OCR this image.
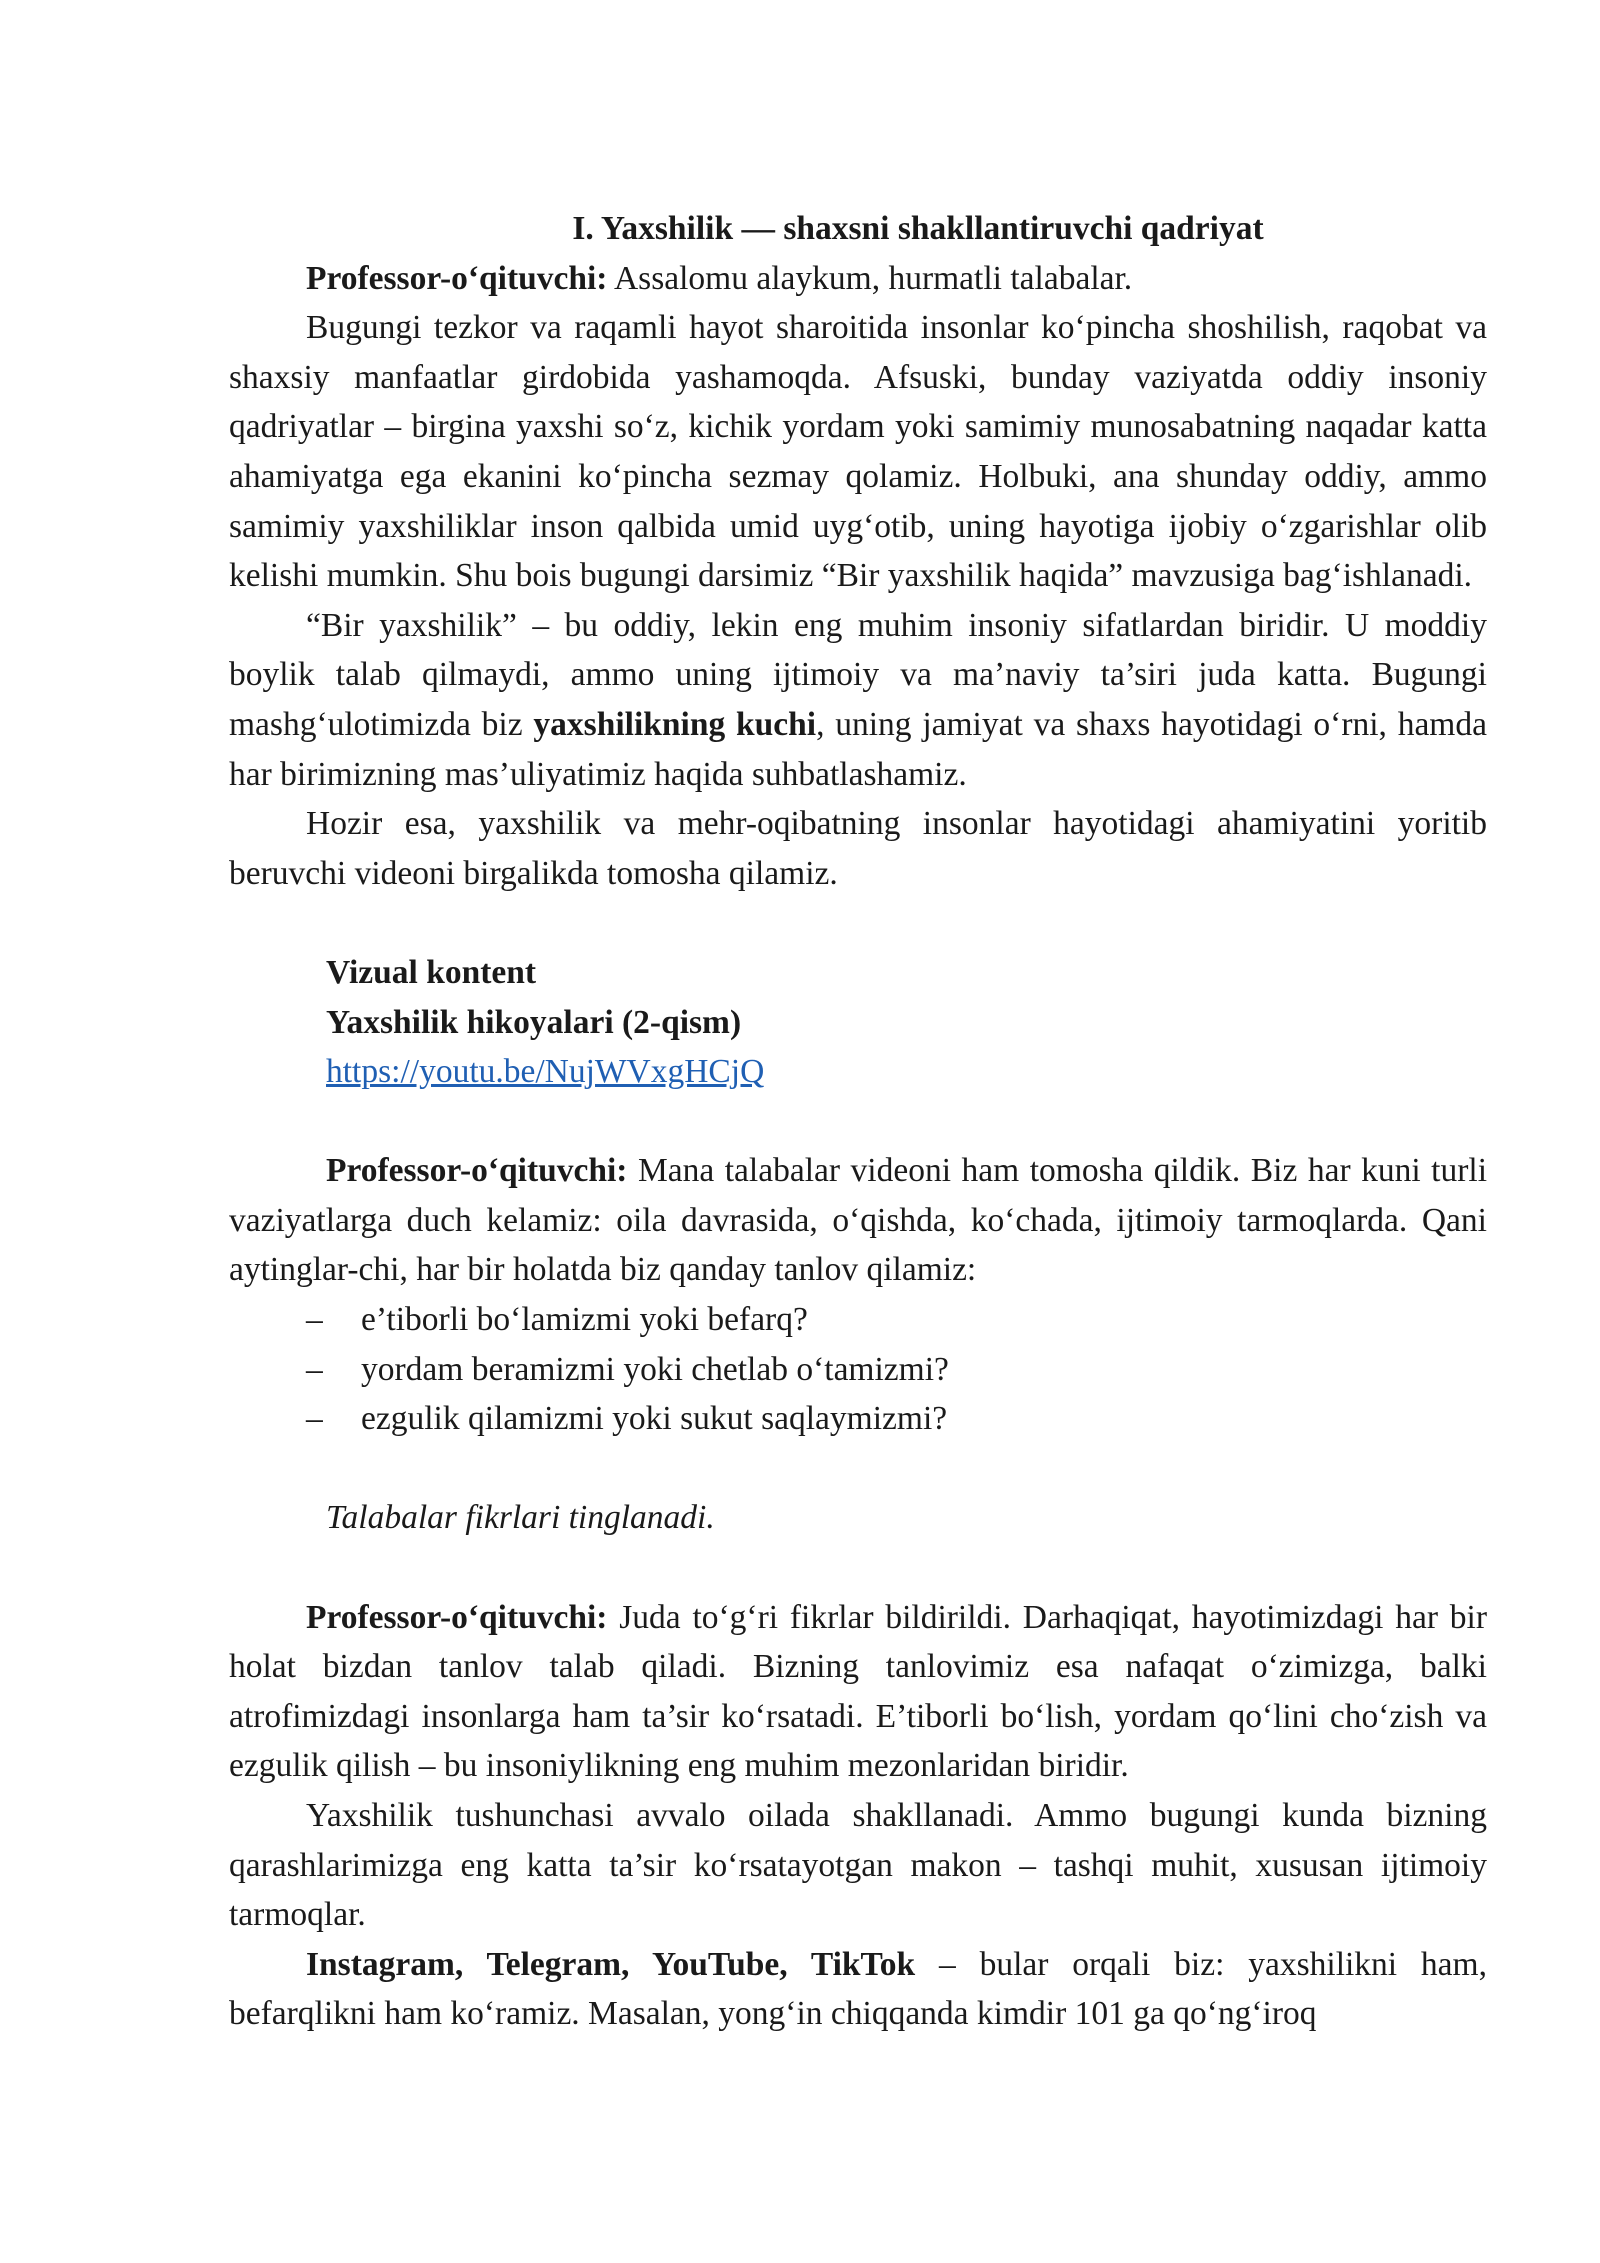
I. Yaxshilik — shaxsni shakllantiruvchi qadriyat

Professor-o‘qituvchi: Assalomu alaykum, hurmatli talabalar.

Bugungi tezkor va raqamli hayot sharoitida insonlar ko‘pincha shoshilish, raqobat va shaxsiy manfaatlar girdobida yashamoqda. Afsuski, bunday vaziyatda oddiy insoniy qadriyatlar – birgina yaxshi so‘z, kichik yordam yoki samimiy munosabatning naqadar katta ahamiyatga ega ekanini ko‘pincha sezmay qolamiz. Holbuki, ana shunday oddiy, ammo samimiy yaxshiliklar inson qalbida umid uyg‘otib, uning hayotiga ijobiy o‘zgarishlar olib kelishi mumkin. Shu bois bugungi darsimiz “Bir yaxshilik haqida” mavzusiga bag‘ishlanadi.

“Bir yaxshilik” – bu oddiy, lekin eng muhim insoniy sifatlardan biridir. U moddiy boylik talab qilmaydi, ammo uning ijtimoiy va ma’naviy ta’siri juda katta. Bugungi mashg‘ulotimizda biz yaxshilikning kuchi, uning jamiyat va shaxs hayotidagi o‘rni, hamda har birimizning mas’uliyatimiz haqida suhbatlashamiz.

Hozir esa, yaxshilik va mehr-oqibatning insonlar hayotidagi ahamiyatini yoritib beruvchi videoni birgalikda tomosha qilamiz.

Vizual kontent
Yaxshilik hikoyalari (2-qism)
https://youtu.be/NujWVxgHCjQ

Professor-o‘qituvchi: Mana talabalar videoni ham tomosha qildik. Biz har kuni turli vaziyatlarga duch kelamiz: oila davrasida, o‘qishda, ko‘chada, ijtimoiy tarmoqlarda. Qani aytinglar-chi, har bir holatda biz qanday tanlov qilamiz:

– e’tiborli bo‘lamizmi yoki befarq?
– yordam beramizmi yoki chetlab o‘tamizmi?
– ezgulik qilamizmi yoki sukut saqlaymizmi?

Talabalar fikrlari tinglanadi.

Professor-o‘qituvchi: Juda to‘g‘ri fikrlar bildirildi. Darhaqiqat, hayotimizdagi har bir holat bizdan tanlov talab qiladi. Bizning tanlovimiz esa nafaqat o‘zimizga, balki atrofimizdagi insonlarga ham ta’sir ko‘rsatadi. E’tiborli bo‘lish, yordam qo‘lini cho‘zish va ezgulik qilish – bu insoniylikning eng muhim mezonlaridan biridir.

Yaxshilik tushunchasi avvalo oilada shakllanadi. Ammo bugungi kunda bizning qarashlarimizga eng katta ta’sir ko‘rsatayotgan makon – tashqi muhit, xususan ijtimoiy tarmoqlar.

Instagram, Telegram, YouTube, TikTok – bular orqali biz: yaxshilikni ham, befarqlikni ham ko‘ramiz. Masalan, yong‘in chiqqanda kimdir 101 ga qo‘ng‘iroq
